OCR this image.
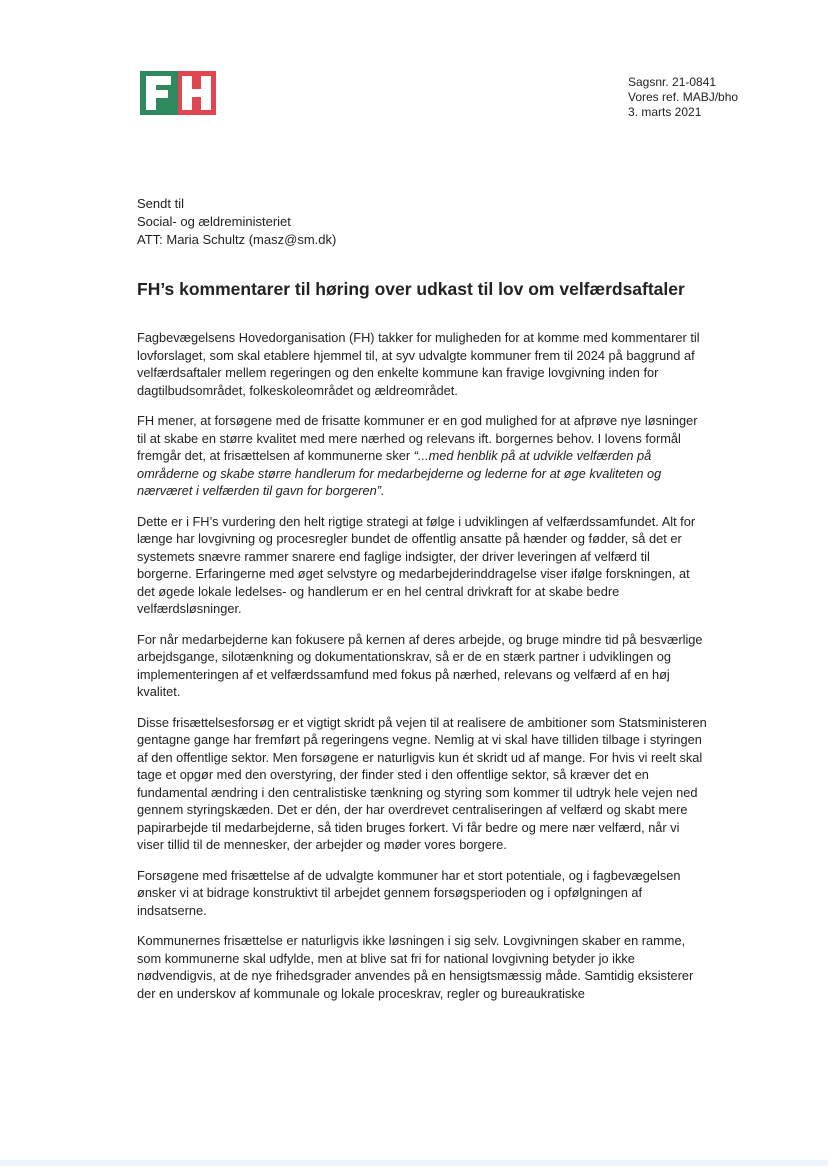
Sagsnr. 21-0841
Vores ref. MABJ/bho
3. marts 2021
Sendt til
Social- og ældreministeriet
ATT: Maria Schultz (masz@sm.dk)
FH’s kommentarer til høring over udkast til lov om velfærdsaftaler

Fagbevægelsens Hovedorganisation (FH) takker for muligheden for at komme med kommentarer til lovforslaget, som skal etablere hjemmel til, at syv udvalgte kommuner frem til 2024 på baggrund af velfærdsaftaler mellem regeringen og den enkelte kommune kan fravige lovgivning inden for dagtilbudsområdet, folkeskoleområdet og ældreområdet.

FH mener, at forsøgene med de frisatte kommuner er en god mulighed for at afprøve nye løsninger til at skabe en større kvalitet med mere nærhed og relevans ift. borgernes behov. I lovens formål fremgår det, at frisættelsen af kommunerne sker “...med henblik på at udvikle velfærden på områderne og skabe større handlerum for medarbejderne og lederne for at øge kvaliteten og nærværet i velfærden til gavn for borgeren”.

Dette er i FH’s vurdering den helt rigtige strategi at følge i udviklingen af velfærdssamfundet. Alt for længe har lovgivning og procesregler bundet de offentlig ansatte på hænder og fødder, så det er systemets snævre rammer snarere end faglige indsigter, der driver leveringen af velfærd til borgerne. Erfaringerne med øget selvstyre og medarbejderinddragelse viser ifølge forskningen, at det øgede lokale ledelses- og handlerum er en hel central drivkraft for at skabe bedre velfærdsløsninger.

For når medarbejderne kan fokusere på kernen af deres arbejde, og bruge mindre tid på besværlige arbejdsgange, silotænkning og dokumentationskrav, så er de en stærk partner i udviklingen og implementeringen af et velfærdssamfund med fokus på nærhed, relevans og velfærd af en høj kvalitet.

Disse frisættelsesforsøg er et vigtigt skridt på vejen til at realisere de ambitioner som Statsministeren gentagne gange har fremført på regeringens vegne. Nemlig at vi skal have tilliden tilbage i styringen af den offentlige sektor. Men forsøgene er naturligvis kun ét skridt ud af mange. For hvis vi reelt skal tage et opgør med den overstyring, der finder sted i den offentlige sektor, så kræver det en fundamental ændring i den centralistiske tænkning og styring som kommer til udtryk hele vejen ned gennem styringskæden. Det er dén, der har overdrevet centraliseringen af velfærd og skabt mere papirarbejde til medarbejderne, så tiden bruges forkert. Vi får bedre og mere nær velfærd, når vi viser tillid til de mennesker, der arbejder og møder vores borgere.

Forsøgene med frisættelse af de udvalgte kommuner har et stort potentiale, og i fagbevægelsen ønsker vi at bidrage konstruktivt til arbejdet gennem forsøgsperioden og i opfølgningen af indsatserne.

Kommunernes frisættelse er naturligvis ikke løsningen i sig selv. Lovgivningen skaber en ramme, som kommunerne skal udfylde, men at blive sat fri for national lovgivning betyder jo ikke nødvendigvis, at de nye frihedsgrader anvendes på en hensigtsmæssig måde. Samtidig eksisterer der en underskov af kommunale og lokale proceskrav, regler og bureaukratiske
